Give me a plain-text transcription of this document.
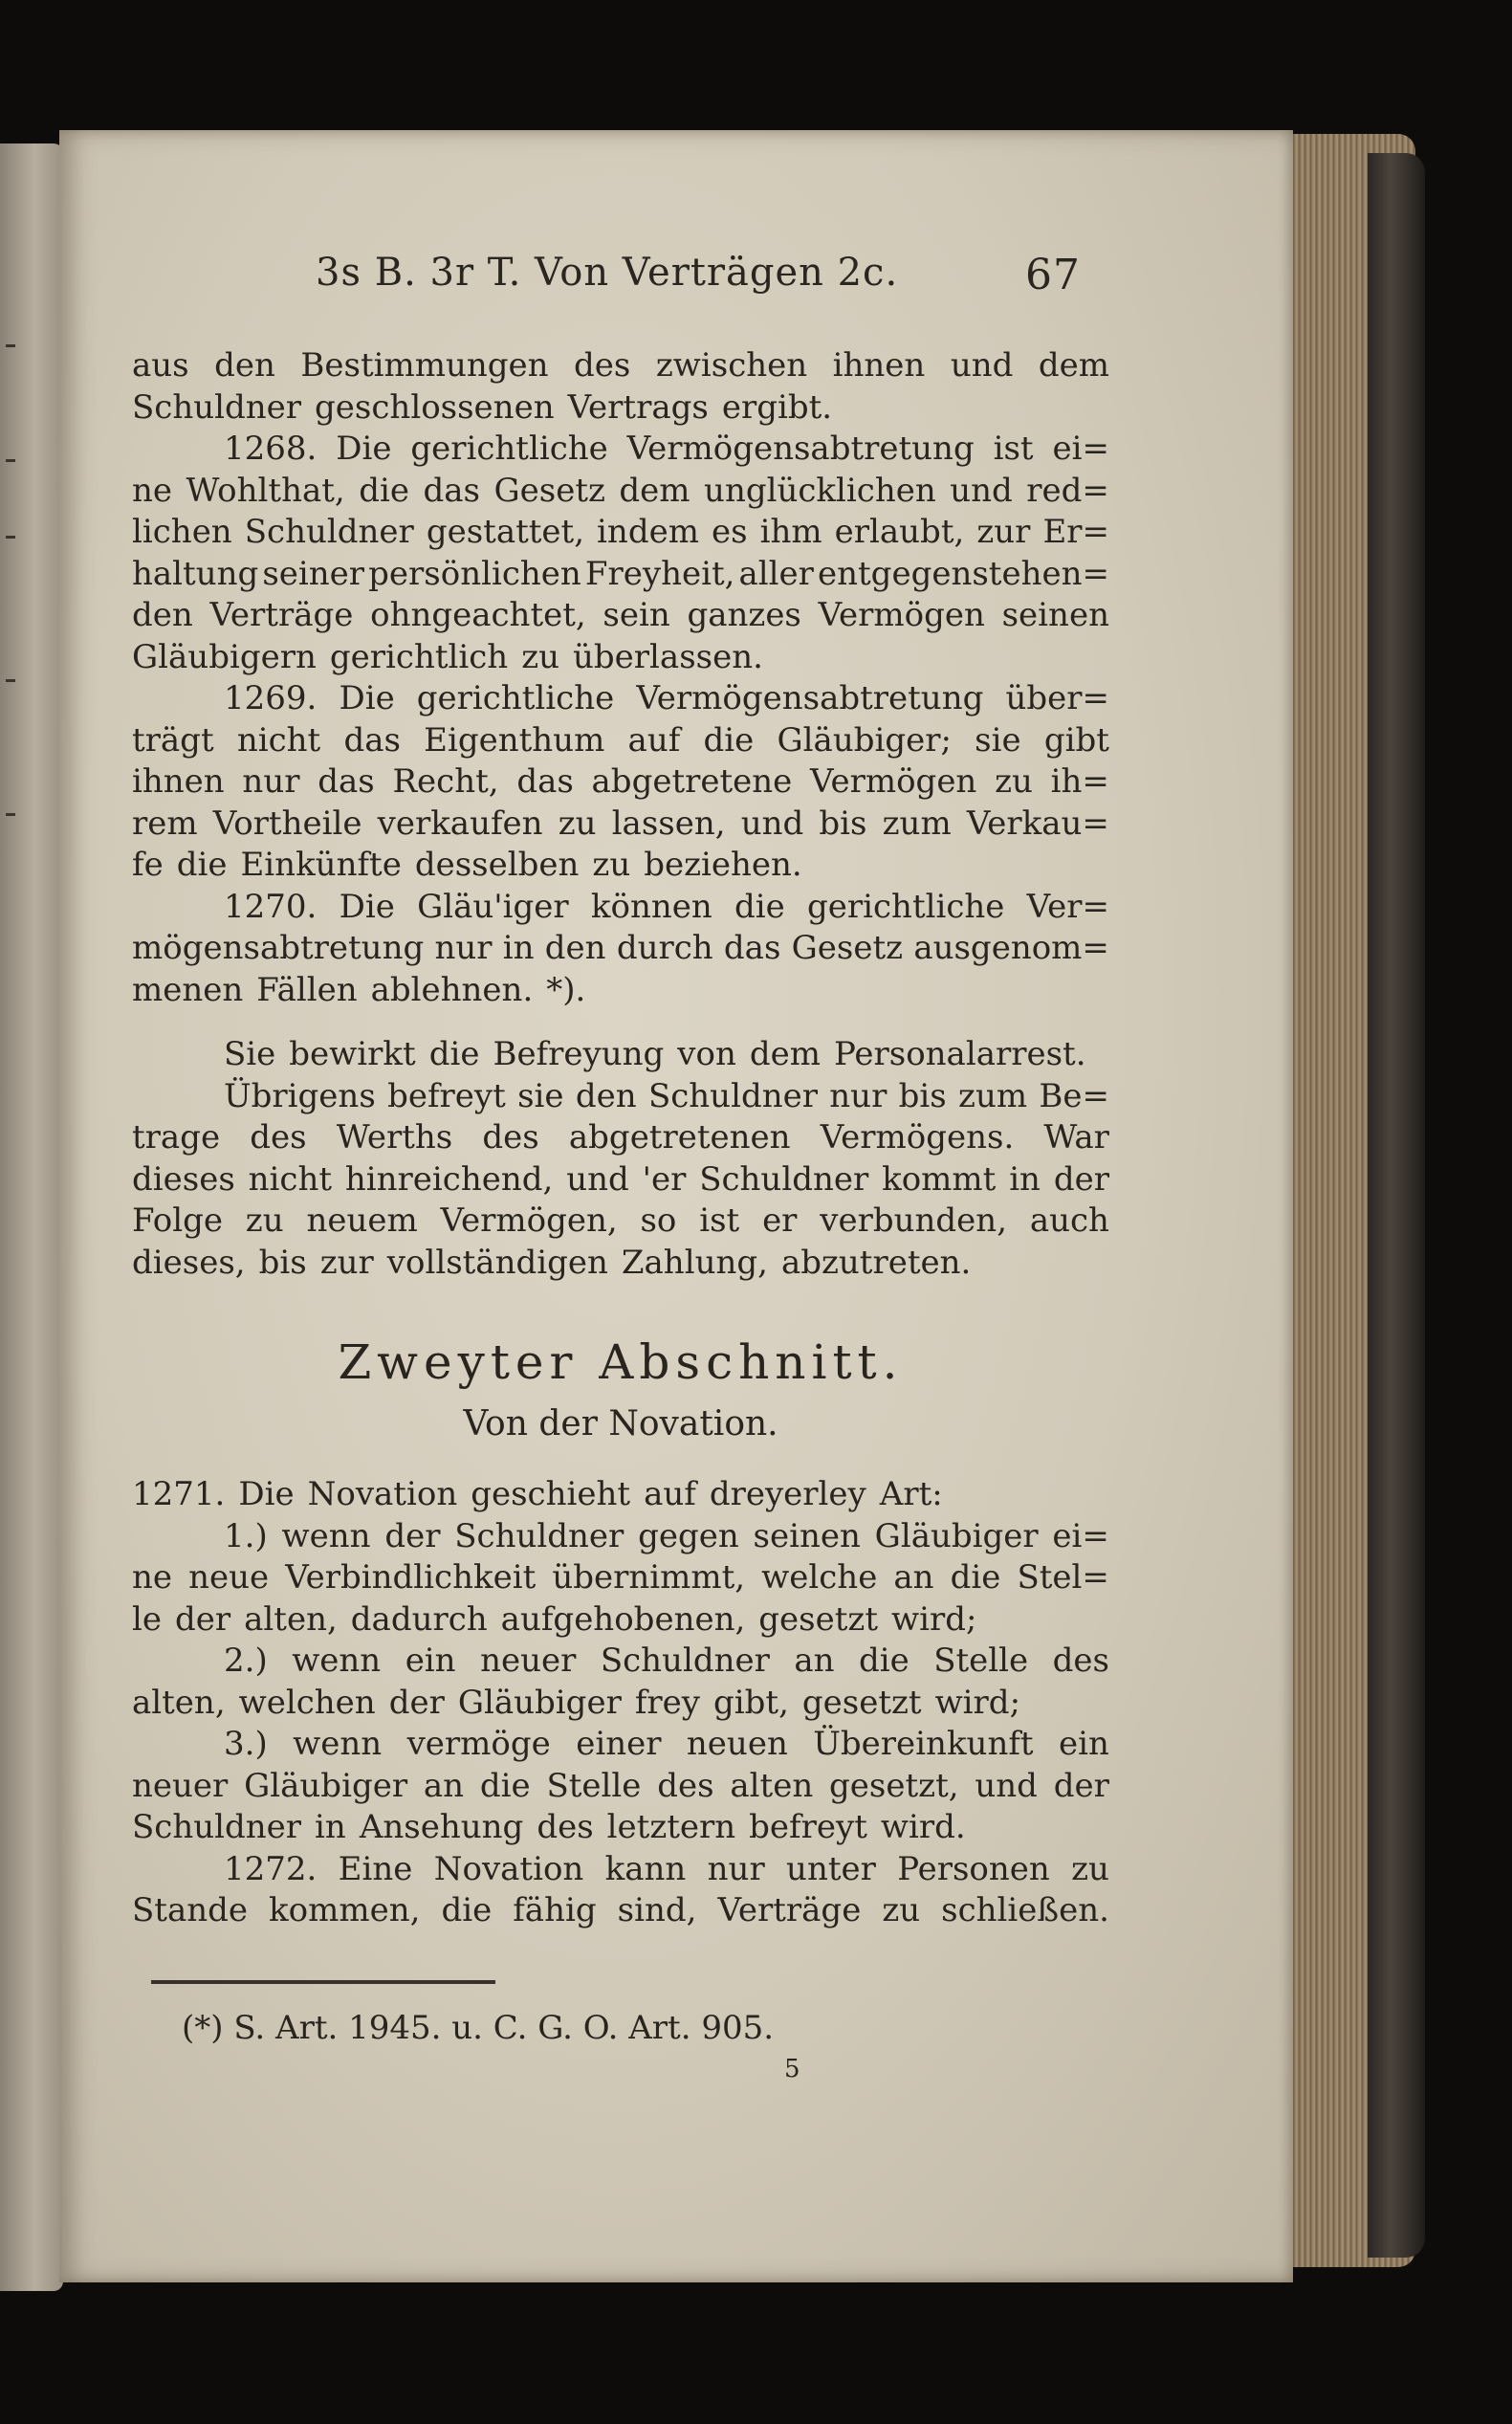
3s B. 3r T. Von Verträgen 2c.	67
aus den Bestimmungen des zwischen ihnen und dem
Schuldner geschlossenen Vertrags ergibt.
1268. Die gerichtliche Vermögensabtretung ist ei=
ne Wohlthat, die das Gesetz dem unglücklichen und red=
lichen Schuldner gestattet, indem es ihm erlaubt, zur Er=
haltung seiner persönlichen Freyheit, aller entgegenstehen=
den Verträge ohngeachtet, sein ganzes Vermögen seinen
Gläubigern gerichtlich zu überlassen.
1269. Die gerichtliche Vermögensabtretung über=
trägt nicht das Eigenthum auf die Gläubiger; sie gibt
ihnen nur das Recht, das abgetretene Vermögen zu ih=
rem Vortheile verkaufen zu lassen, und bis zum Verkau=
fe die Einkünfte desselben zu beziehen.
1270. Die Gläu'iger können die gerichtliche Ver=
mögensabtretung nur in den durch das Gesetz ausgenom=
menen Fällen ablehnen. *).
Sie bewirkt die Befreyung von dem Personalarrest.
Übrigens befreyt sie den Schuldner nur bis zum Be=
trage des Werths des abgetretenen Vermögens. War
dieses nicht hinreichend, und 'er Schuldner kommt in der
Folge zu neuem Vermögen, so ist er verbunden, auch
dieses, bis zur vollständigen Zahlung, abzutreten.
Zweyter Abschnitt.
Von der Novation.
1271. Die Novation geschieht auf dreyerley Art:
1.) wenn der Schuldner gegen seinen Gläubiger ei=
ne neue Verbindlichkeit übernimmt, welche an die Stel=
le der alten, dadurch aufgehobenen, gesetzt wird;
2.) wenn ein neuer Schuldner an die Stelle des
alten, welchen der Gläubiger frey gibt, gesetzt wird;
3.) wenn vermöge einer neuen Übereinkunft ein
neuer Gläubiger an die Stelle des alten gesetzt, und der
Schuldner in Ansehung des letztern befreyt wird.
1272. Eine Novation kann nur unter Personen zu
Stande kommen, die fähig sind, Verträge zu schließen.
(*) S. Art. 1945. u. C. G. O. Art. 905.
5
